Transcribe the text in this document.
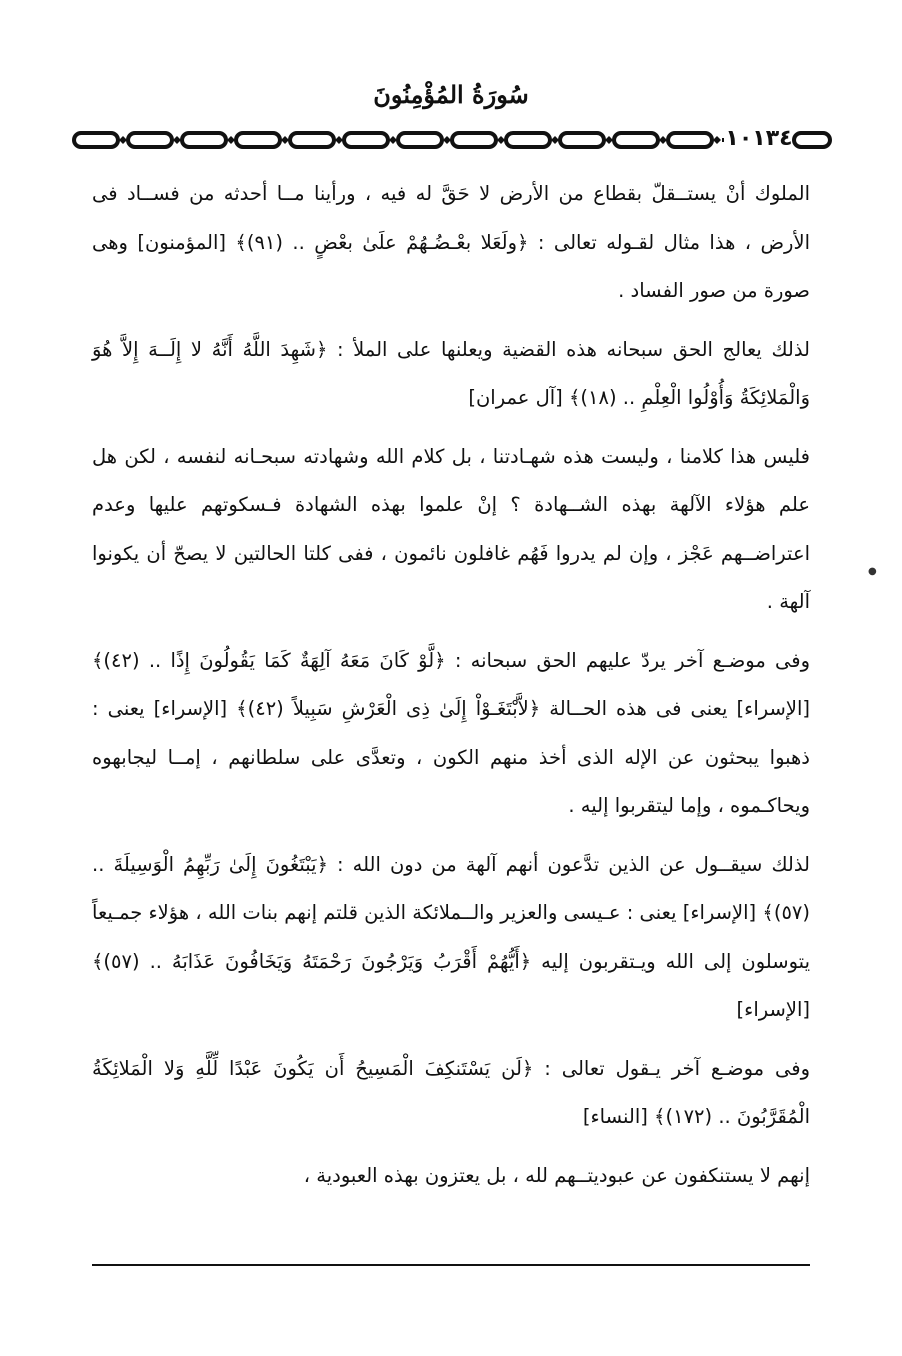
سُورَةُ المُؤْمِنُونَ
١٠١٣٤

الملوك أنْ يستــقلّ بقطاع من الأرض لا حَقَّ له فيه ، ورأينا مــا أحدثه من فســاد فى الأرض ، هذا مثال لقـوله تعالى : ﴿ولَعَلا بعْـضُـهُمْ علَىٰ بعْضٍ .. (٩١)﴾ [المؤمنون] وهى صورة من صور الفساد .

لذلك يعالج الحق سبحانه هذه القضية ويعلنها على الملأ : ﴿شَهِدَ اللَّهُ أَنَّهُ لا إِلَــهَ إِلاَّ هُوَ وَالْمَلائِكَةُ وَأُوْلُوا الْعِلْمِ .. (١٨)﴾ [آل عمران]

فليس هذا كلامنا ، وليست هذه شهـادتنا ، بل كلام الله وشهادته سبحـانه لنفسه ، لكن هل علم هؤلاء الآلهة بهذه الشــهادة ؟ إنْ علموا بهذه الشهادة فـسكوتهم عليها وعدم اعتراضــهم عَجْز ، وإن لم يدروا فَهُم غافلون نائمون ، ففى كلتا الحالتين لا يصحّ أن يكونوا آلهة .

وفى موضـع آخر يردّ عليهم الحق سبحانه : ﴿لَّوْ كَانَ مَعَهُ آلِهَةٌ كَمَا يَقُولُونَ إِذًا .. (٤٢)﴾ [الإسراء] يعنى فى هذه الحــالة ﴿لاَّبْتَغَـوْاْ إِلَىٰ ذِى الْعَرْشِ سَبِيلاً (٤٢)﴾ [الإسراء] يعنى : ذهبوا يبحثون عن الإله الذى أخذ منهم الكون ، وتعدَّى على سلطانهم ، إمــا ليجابهوه ويحاكـموه ، وإما ليتقربوا إليه .

لذلك سيقــول عن الذين تدَّعون أنهم آلهة من دون الله : ﴿يَبْتَغُونَ إِلَىٰ رَبِّهِمُ الْوَسِيلَةَ .. (٥٧)﴾ [الإسراء] يعنى : عـيسى والعزير والــملائكة الذين قلتم إنهم بنات الله ، هؤلاء جمـيعاً يتوسلون إلى الله ويـتقربون إليه ﴿أَيُّهُمْ أَقْرَبُ وَيَرْجُونَ رَحْمَتَهُ وَيَخَافُونَ عَذَابَهُ .. (٥٧)﴾ [الإسراء]

وفى موضـع آخر يـقول تعالى : ﴿لَن يَسْتَنكِفَ الْمَسِيحُ أَن يَكُونَ عَبْدًا لِّلَّهِ وَلا الْمَلائِكَةُ الْمُقَرَّبُونَ .. (١٧٢)﴾ [النساء]

إنهم لا يستنكفون عن عبوديتــهم لله ، بل يعتزون بهذه العبودية ،

●
